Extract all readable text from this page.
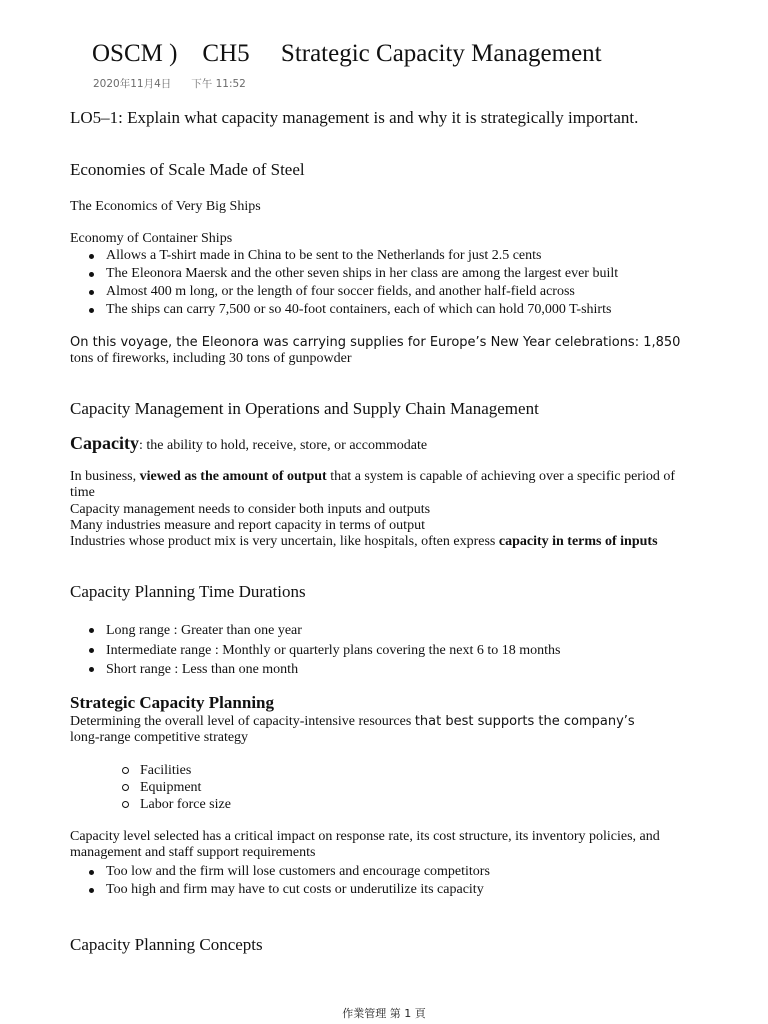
OSCM )    CH5     Strategic Capacity Management
2020年11月4日 下午 11:52
LO5–1: Explain what capacity management is and why it is strategically important.
Economies of Scale Made of Steel
The Economics of Very Big Ships
Economy of Container Ships
Allows a T-shirt made in China to be sent to the Netherlands for just 2.5 cents
The Eleonora Maersk and the other seven ships in her class are among the largest ever built
Almost 400 m long, or the length of four soccer fields, and another half-field across
The ships can carry 7,500 or so 40-foot containers, each of which can hold 70,000 T-shirts
On this voyage, the Eleonora was carrying supplies for Europe’s New Year celebrations: 1,850
tons of fireworks, including 30 tons of gunpowder
Capacity Management in Operations and Supply Chain Management
Capacity: the ability to hold, receive, store, or accommodate
In business, viewed as the amount of output that a system is capable of achieving over a specific period of time
Capacity management needs to consider both inputs and outputs
Many industries measure and report capacity in terms of output
Industries whose product mix is very uncertain, like hospitals, often express capacity in terms of inputs
Capacity Planning Time Durations
Long range : Greater than one year
Intermediate range : Monthly or quarterly plans covering the next 6 to 18 months
Short range : Less than one month
Strategic Capacity Planning
Determining the overall level of capacity-intensive resources that best supports the company’s
long-range competitive strategy
Facilities
Equipment
Labor force size
Capacity level selected has a critical impact on response rate, its cost structure, its inventory policies, and management and staff support requirements
Too low and the firm will lose customers and encourage competitors
Too high and firm may have to cut costs or underutilize its capacity
Capacity Planning Concepts
作業管理 第 1 頁
